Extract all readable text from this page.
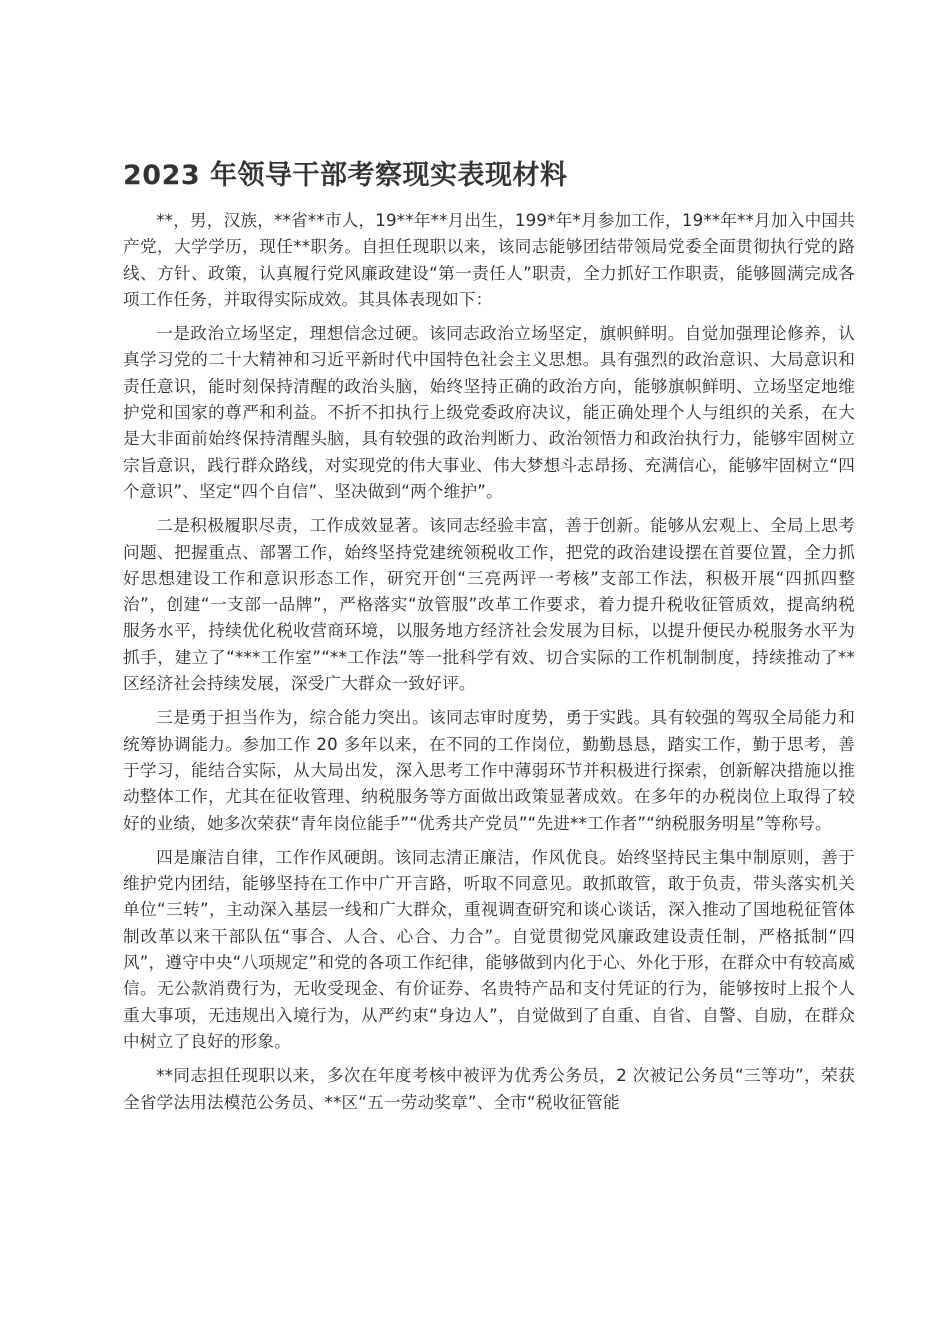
2023 年领导干部考察现实表现材料

**，男，汉族，**省**市人，19**年**月出生，199*年*月参加工作，19**年**月加入中国共产党，大学学历，现任**职务。自担任现职以来，该同志能够团结带领局党委全面贯彻执行党的路线、方针、政策，认真履行党风廉政建设“第一责任人”职责，全力抓好工作职责，能够圆满完成各项工作任务，并取得实际成效。其具体表现如下：

一是政治立场坚定，理想信念过硬。该同志政治立场坚定，旗帜鲜明。自觉加强理论修养，认真学习党的二十大精神和习近平新时代中国特色社会主义思想。具有强烈的政治意识、大局意识和责任意识，能时刻保持清醒的政治头脑，始终坚持正确的政治方向，能够旗帜鲜明、立场坚定地维护党和国家的尊严和利益。不折不扣执行上级党委政府决议，能正确处理个人与组织的关系，在大是大非面前始终保持清醒头脑，具有较强的政治判断力、政治领悟力和政治执行力，能够牢固树立宗旨意识，践行群众路线，对实现党的伟大事业、伟大梦想斗志昂扬、充满信心，能够牢固树立“四个意识”、坚定“四个自信”、坚决做到“两个维护”。

二是积极履职尽责，工作成效显著。该同志经验丰富，善于创新。能够从宏观上、全局上思考问题、把握重点、部署工作，始终坚持党建统领税收工作，把党的政治建设摆在首要位置，全力抓好思想建设工作和意识形态工作，研究开创“三亮两评一考核”支部工作法，积极开展“四抓四整治”，创建“一支部一品牌”，严格落实“放管服”改革工作要求，着力提升税收征管质效，提高纳税服务水平，持续优化税收营商环境，以服务地方经济社会发展为目标，以提升便民办税服务水平为抓手，建立了“***工作室”“**工作法”等一批科学有效、切合实际的工作机制制度，持续推动了**区经济社会持续发展，深受广大群众一致好评。

三是勇于担当作为，综合能力突出。该同志审时度势，勇于实践。具有较强的驾驭全局能力和统筹协调能力。参加工作 20 多年以来，在不同的工作岗位，勤勤恳恳，踏实工作，勤于思考，善于学习，能结合实际，从大局出发，深入思考工作中薄弱环节并积极进行探索，创新解决措施以推动整体工作，尤其在征收管理、纳税服务等方面做出政策显著成效。在多年的办税岗位上取得了较好的业绩，她多次荣获“青年岗位能手”“优秀共产党员”“先进**工作者”“纳税服务明星”等称号。

四是廉洁自律，工作作风硬朗。该同志清正廉洁，作风优良。始终坚持民主集中制原则，善于维护党内团结，能够坚持在工作中广开言路，听取不同意见。敢抓敢管，敢于负责，带头落实机关单位“三转”，主动深入基层一线和广大群众，重视调查研究和谈心谈话，深入推动了国地税征管体制改革以来干部队伍“事合、人合、心合、力合”。自觉贯彻党风廉政建设责任制，严格抵制“四风”，遵守中央“八项规定”和党的各项工作纪律，能够做到内化于心、外化于形，在群众中有较高威信。无公款消费行为，无收受现金、有价证券、名贵特产品和支付凭证的行为，能够按时上报个人重大事项，无违规出入境行为，从严约束“身边人”，自觉做到了自重、自省、自警、自励，在群众中树立了良好的形象。

**同志担任现职以来，多次在年度考核中被评为优秀公务员，2 次被记公务员“三等功”，荣获全省学法用法模范公务员、**区“五一劳动奖章”、全市“税收征管能
